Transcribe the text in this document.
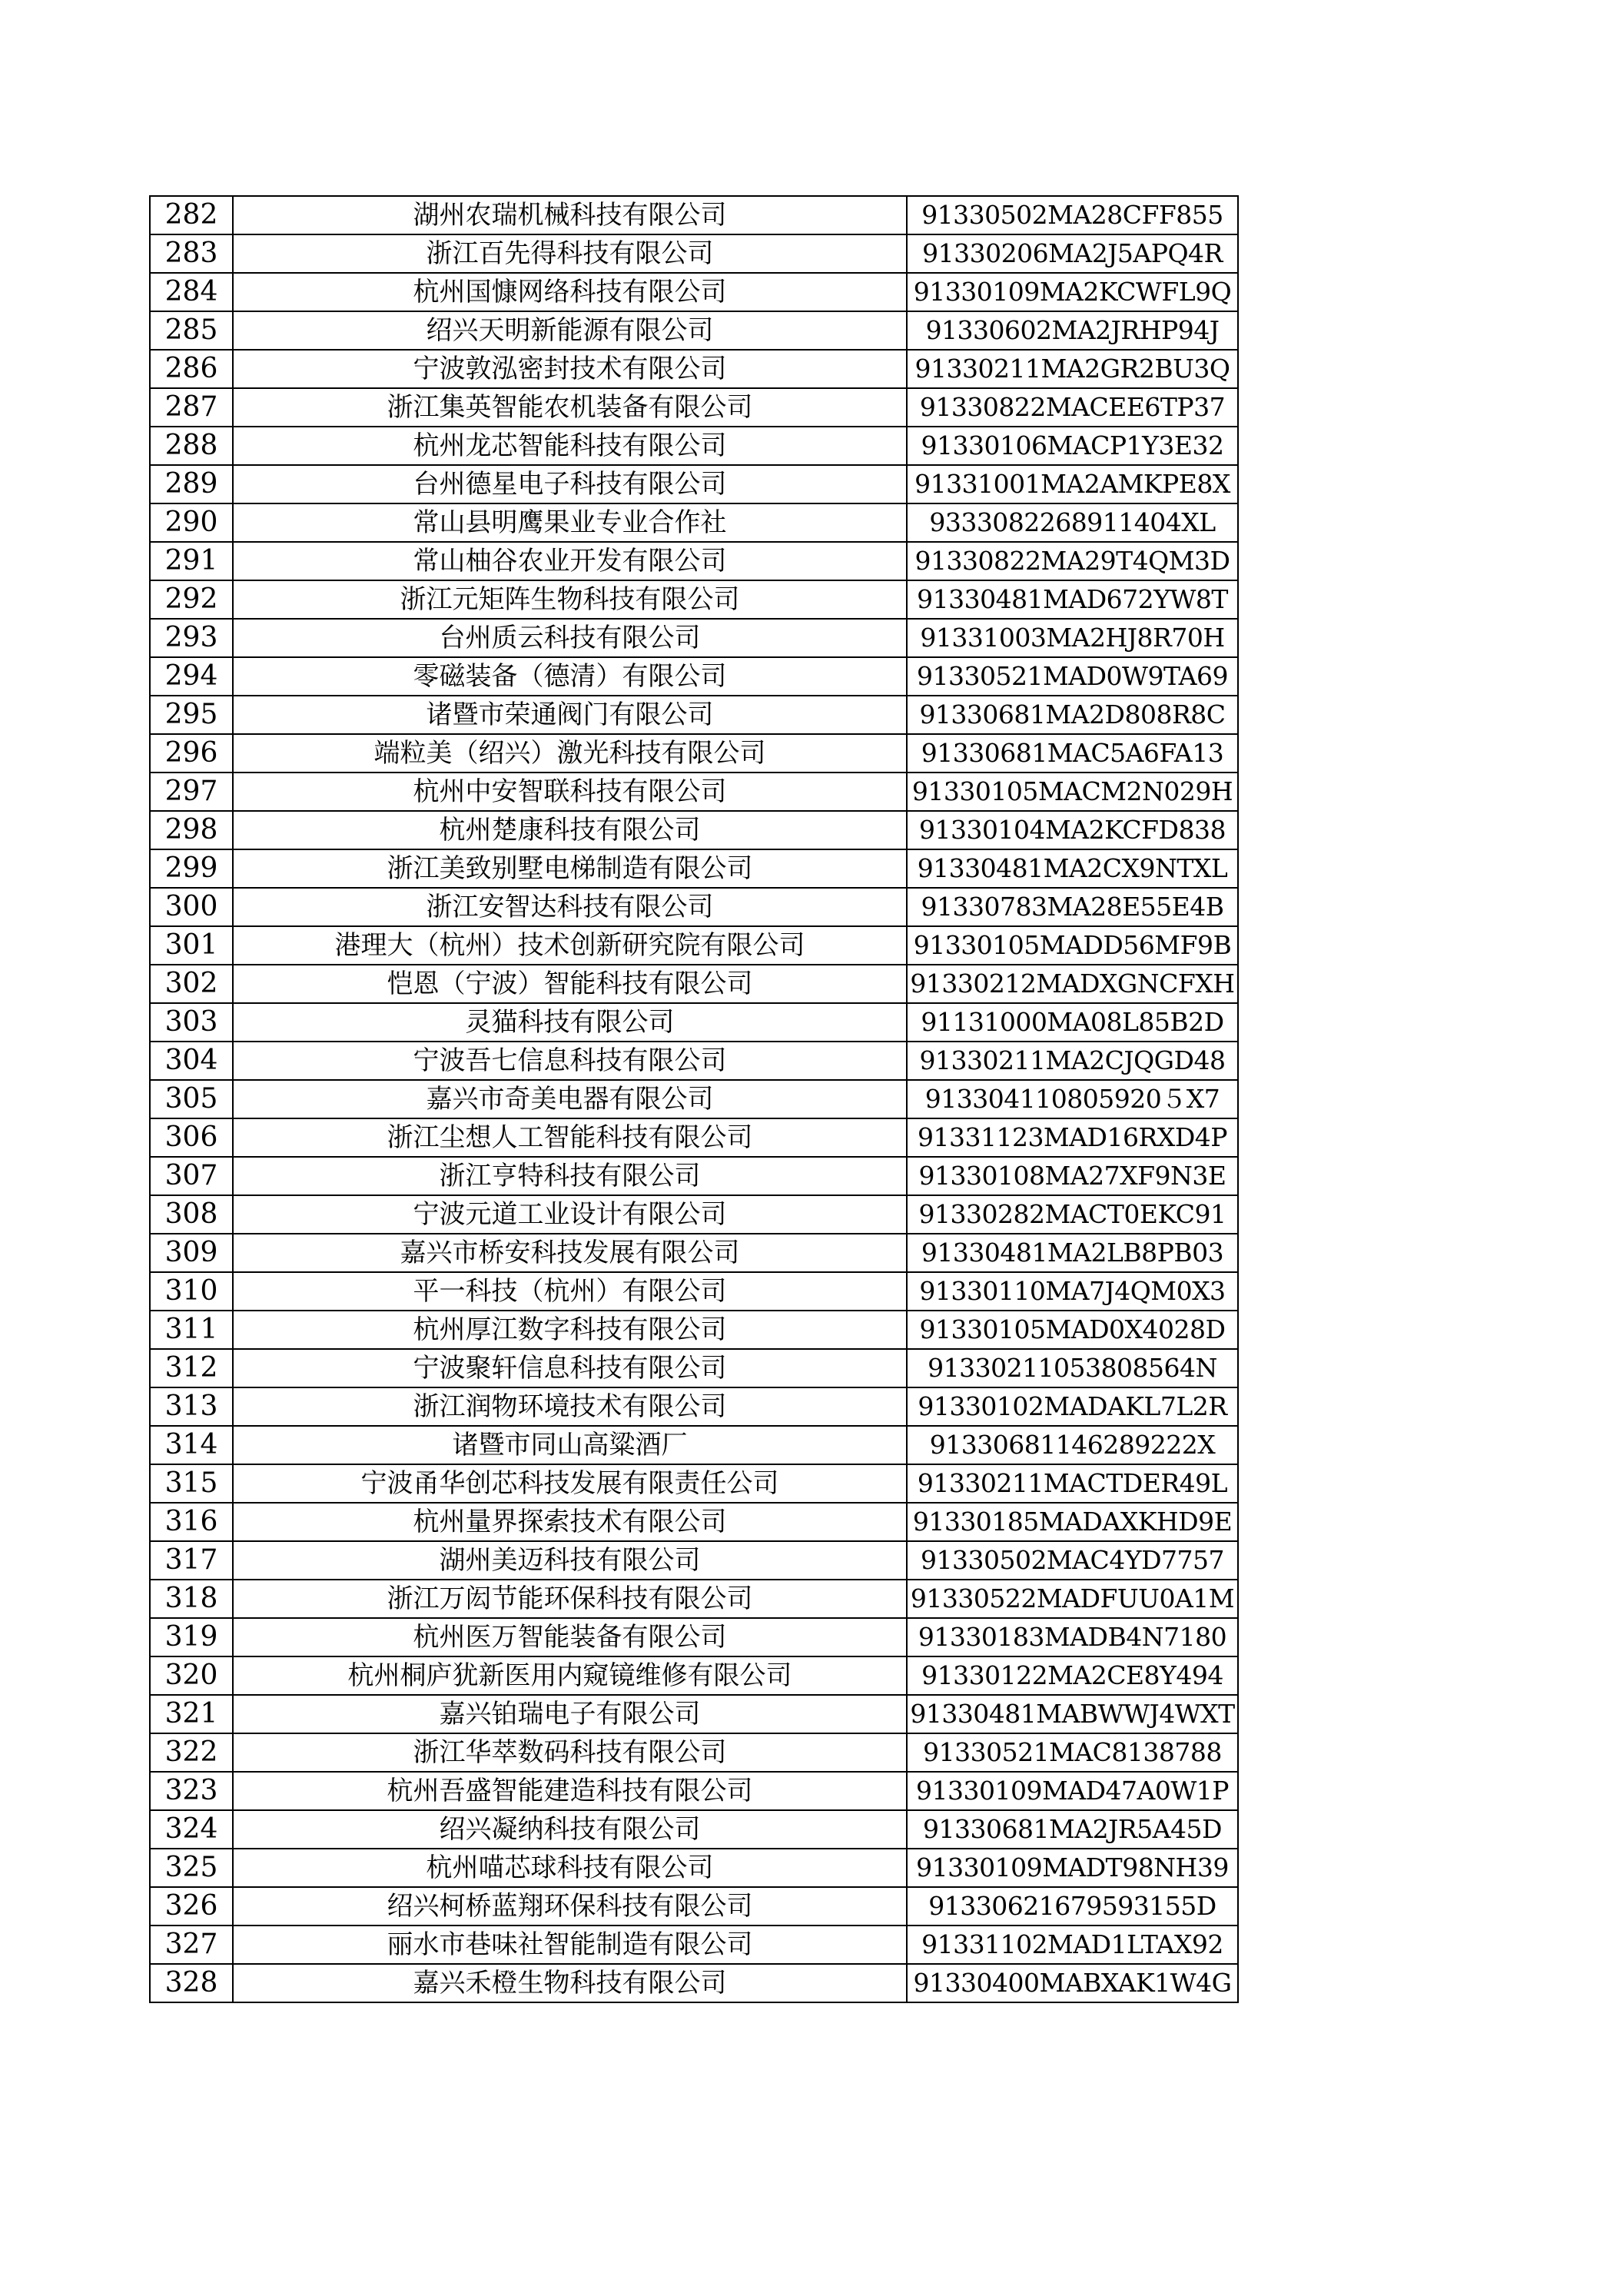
282	湖州农瑞机械科技有限公司	91330502MA28CFF855
283	浙江百先得科技有限公司	91330206MA2J5APQ4R
284	杭州国慷网络科技有限公司	91330109MA2KCWFL9Q
285	绍兴天明新能源有限公司	91330602MA2JRHP94J
286	宁波敦泓密封技术有限公司	91330211MA2GR2BU3Q
287	浙江集英智能农机装备有限公司	91330822MACEE6TP37
288	杭州龙芯智能科技有限公司	91330106MACP1Y3E32
289	台州德星电子科技有限公司	91331001MA2AMKPE8X
290	常山县明鹰果业专业合作社	9333082268911404XL
291	常山柚谷农业开发有限公司	91330822MA29T4QM3D
292	浙江元矩阵生物科技有限公司	91330481MAD672YW8T
293	台州质云科技有限公司	91331003MA2HJ8R70H
294	零磁装备（德清）有限公司	91330521MAD0W9TA69
295	诸暨市荣通阀门有限公司	91330681MA2D808R8C
296	端粒美（绍兴）激光科技有限公司	91330681MAC5A6FA13
297	杭州中安智联科技有限公司	91330105MACM2N029H
298	杭州楚康科技有限公司	91330104MA2KCFD838
299	浙江美致别墅电梯制造有限公司	91330481MA2CX9NTXL
300	浙江安智达科技有限公司	91330783MA28E55E4B
301	港理大（杭州）技术创新研究院有限公司	91330105MADD56MF9B
302	恺恩（宁波）智能科技有限公司	91330212MADXGNCFXH
303	灵猫科技有限公司	91131000MA08L85B2D
304	宁波吾七信息科技有限公司	91330211MA2CJQGD48
305	嘉兴市奇美电器有限公司	913304110805920５X7
306	浙江尘想人工智能科技有限公司	91331123MAD16RXD4P
307	浙江亨特科技有限公司	91330108MA27XF9N3E
308	宁波元道工业设计有限公司	91330282MACT0EKC91
309	嘉兴市桥安科技发展有限公司	91330481MA2LB8PB03
310	平一科技（杭州）有限公司	91330110MA7J4QM0X3
311	杭州厚江数字科技有限公司	91330105MAD0X4028D
312	宁波聚轩信息科技有限公司	91330211053808564N
313	浙江润物环境技术有限公司	91330102MADAKL7L2R
314	诸暨市同山高粱酒厂	91330681146289222X
315	宁波甬华创芯科技发展有限责任公司	91330211MACTDER49L
316	杭州量界探索技术有限公司	91330185MADAXKHD9E
317	湖州美迈科技有限公司	91330502MAC4YD7757
318	浙江万闳节能环保科技有限公司	91330522MADFUU0A1M
319	杭州医万智能装备有限公司	91330183MADB4N7180
320	杭州桐庐犹新医用内窥镜维修有限公司	91330122MA2CE8Y494
321	嘉兴铂瑞电子有限公司	91330481MABWWJ4WXT
322	浙江华萃数码科技有限公司	91330521MAC8138788
323	杭州吾盛智能建造科技有限公司	91330109MAD47A0W1P
324	绍兴凝纳科技有限公司	91330681MA2JR5A45D
325	杭州喵芯球科技有限公司	91330109MADT98NH39
326	绍兴柯桥蓝翔环保科技有限公司	91330621679593155D
327	丽水市巷味社智能制造有限公司	91331102MAD1LTAX92
328	嘉兴禾橙生物科技有限公司	91330400MABXAK1W4G
